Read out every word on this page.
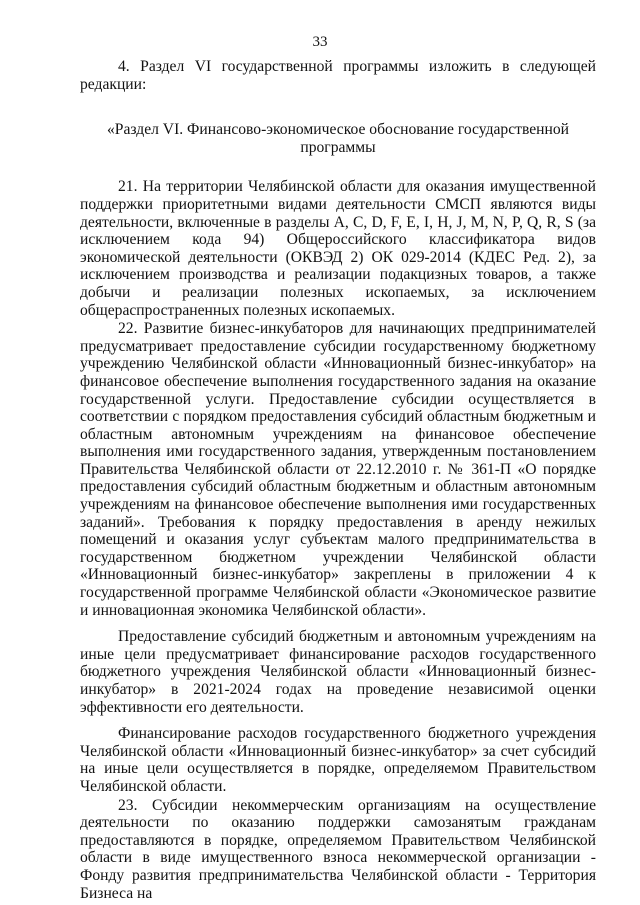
33

4. Раздел VI государственной программы изложить в следующей редакции:

«Раздел VI. Финансово-экономическое обоснование государственной программы

21. На территории Челябинской области для оказания имущественной поддержки приоритетными видами деятельности СМСП являются виды деятельности, включенные в разделы A, C, D, F, E, I, H, J, M, N, P, Q, R, S (за исключением кода 94) Общероссийского классификатора видов экономической деятельности (ОКВЭД 2) ОК 029-2014 (КДЕС Ред. 2), за исключением производства и реализации подакцизных товаров, а также добычи и реализации полезных ископаемых, за исключением общераспространенных полезных ископаемых.

22. Развитие бизнес-инкубаторов для начинающих предпринимателей предусматривает предоставление субсидии государственному бюджетному учреждению Челябинской области «Инновационный бизнес-инкубатор» на финансовое обеспечение выполнения государственного задания на оказание государственной услуги. Предоставление субсидии осуществляется в соответствии с порядком предоставления субсидий областным бюджетным и областным автономным учреждениям на финансовое обеспечение выполнения ими государственного задания, утвержденным постановлением Правительства Челябинской области от 22.12.2010 г. № 361-П «О порядке предоставления субсидий областным бюджетным и областным автономным учреждениям на финансовое обеспечение выполнения ими государственных заданий». Требования к порядку предоставления в аренду нежилых помещений и оказания услуг субъектам малого предпринимательства в государственном бюджетном учреждении Челябинской области «Инновационный бизнес-инкубатор» закреплены в приложении 4 к государственной программе Челябинской области «Экономическое развитие и инновационная экономика Челябинской области».

Предоставление субсидий бюджетным и автономным учреждениям на иные цели предусматривает финансирование расходов государственного бюджетного учреждения Челябинской области «Инновационный бизнес-инкубатор» в 2021-2024 годах на проведение независимой оценки эффективности его деятельности.

Финансирование расходов государственного бюджетного учреждения Челябинской области «Инновационный бизнес-инкубатор» за счет субсидий на иные цели осуществляется в порядке, определяемом Правительством Челябинской области.

23. Субсидии некоммерческим организациям на осуществление деятельности по оказанию поддержки самозанятым гражданам предоставляются в порядке, определяемом Правительством Челябинской области в виде имущественного взноса некоммерческой организации - Фонду развития предпринимательства Челябинской области - Территория Бизнеса на
